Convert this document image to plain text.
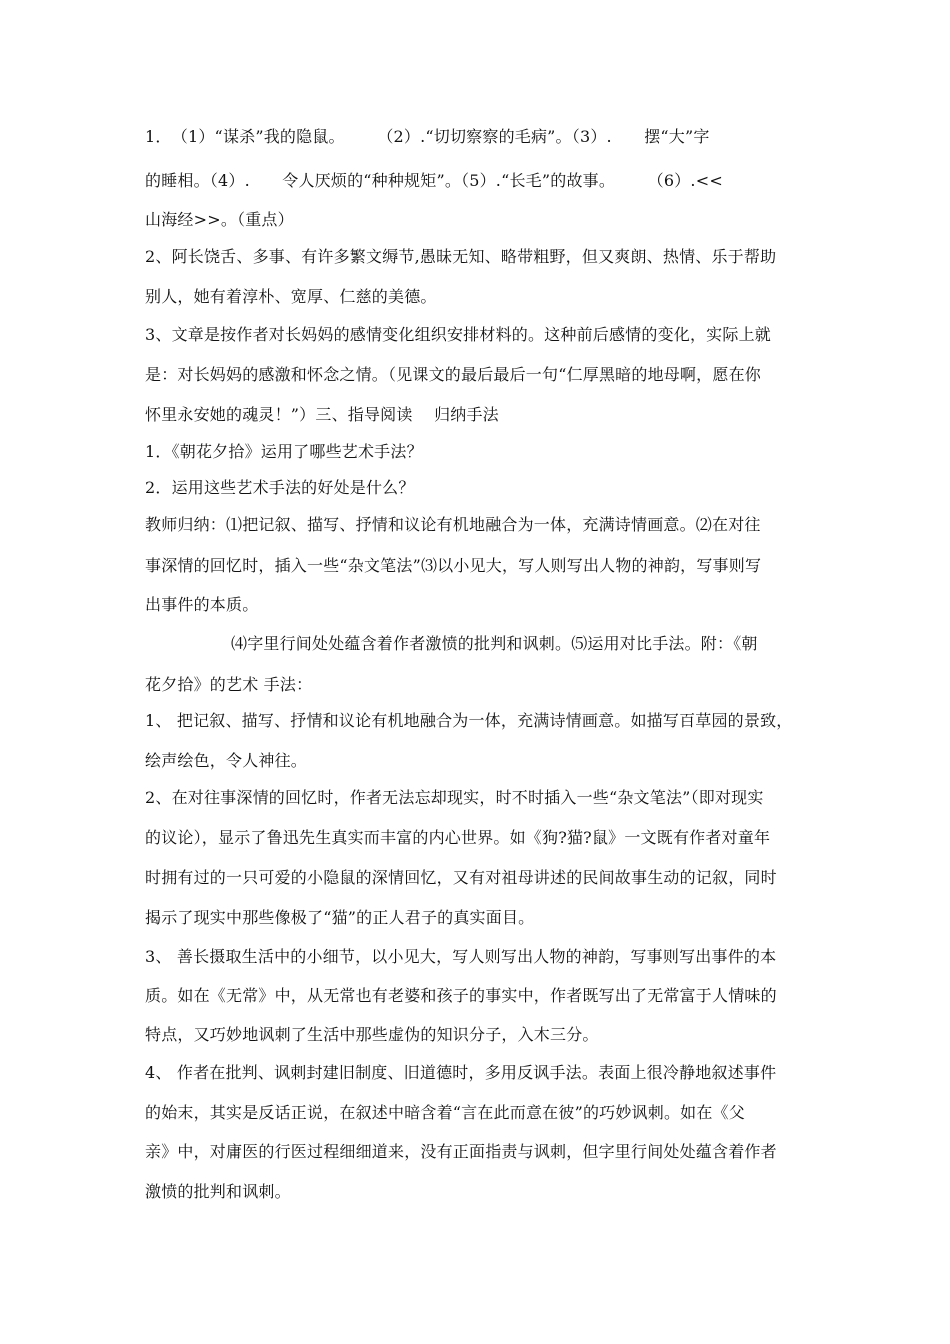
1．　（1）“谋杀”我的隐鼠。　　　（2）.“切切察察的毛病”。（3）.　　摆“大”字
的睡相。（4）.　　令人厌烦的“种种规矩”。（5）.“长毛”的故事。　　　（6）.<<
山海经>>。（重点）
2、阿长饶舌、多事、有许多繁文缛节,愚昧无知、略带粗野，但又爽朗、热情、乐于帮助
别人，她有着淳朴、宽厚、仁慈的美德。
3、文章是按作者对长妈妈的感情变化组织安排材料的。这种前后感情的变化，实际上就
是：对长妈妈的感激和怀念之情。（见课文的最后最后一句“仁厚黑暗的地母啊，愿在你
怀里永安她的魂灵！”）三、指导阅读　 归纳手法
1．《朝花夕拾》运用了哪些艺术手法？
2．运用这些艺术手法的好处是什么？
教师归纳：⑴把记叙、描写、抒情和议论有机地融合为一体，充满诗情画意。⑵在对往
事深情的回忆时，插入一些“杂文笔法”⑶以小见大，写人则写出人物的神韵，写事则写
出事件的本质。
⑷字里行间处处蕴含着作者激愤的批判和讽刺。⑸运用对比手法。附：《朝
花夕拾》的艺术 手法：
1、 把记叙、描写、抒情和议论有机地融合为一体，充满诗情画意。如描写百草园的景致，
绘声绘色，令人神往。
2、在对往事深情的回忆时，作者无法忘却现实，时不时插入一些“杂文笔法”（即对现实
的议论），显示了鲁迅先生真实而丰富的内心世界。如《狗?猫?鼠》一文既有作者对童年
时拥有过的一只可爱的小隐鼠的深情回忆，又有对祖母讲述的民间故事生动的记叙，同时
揭示了现实中那些像极了“猫”的正人君子的真实面目。
3、 善长摄取生活中的小细节，以小见大，写人则写出人物的神韵，写事则写出事件的本
质。如在《无常》中，从无常也有老婆和孩子的事实中，作者既写出了无常富于人情味的
特点，又巧妙地讽刺了生活中那些虚伪的知识分子，入木三分。
4、 作者在批判、讽刺封建旧制度、旧道德时，多用反讽手法。表面上很冷静地叙述事件
的始末，其实是反话正说，在叙述中暗含着“言在此而意在彼”的巧妙讽刺。如在《父
亲》中，对庸医的行医过程细细道来，没有正面指责与讽刺，但字里行间处处蕴含着作者
激愤的批判和讽刺。
